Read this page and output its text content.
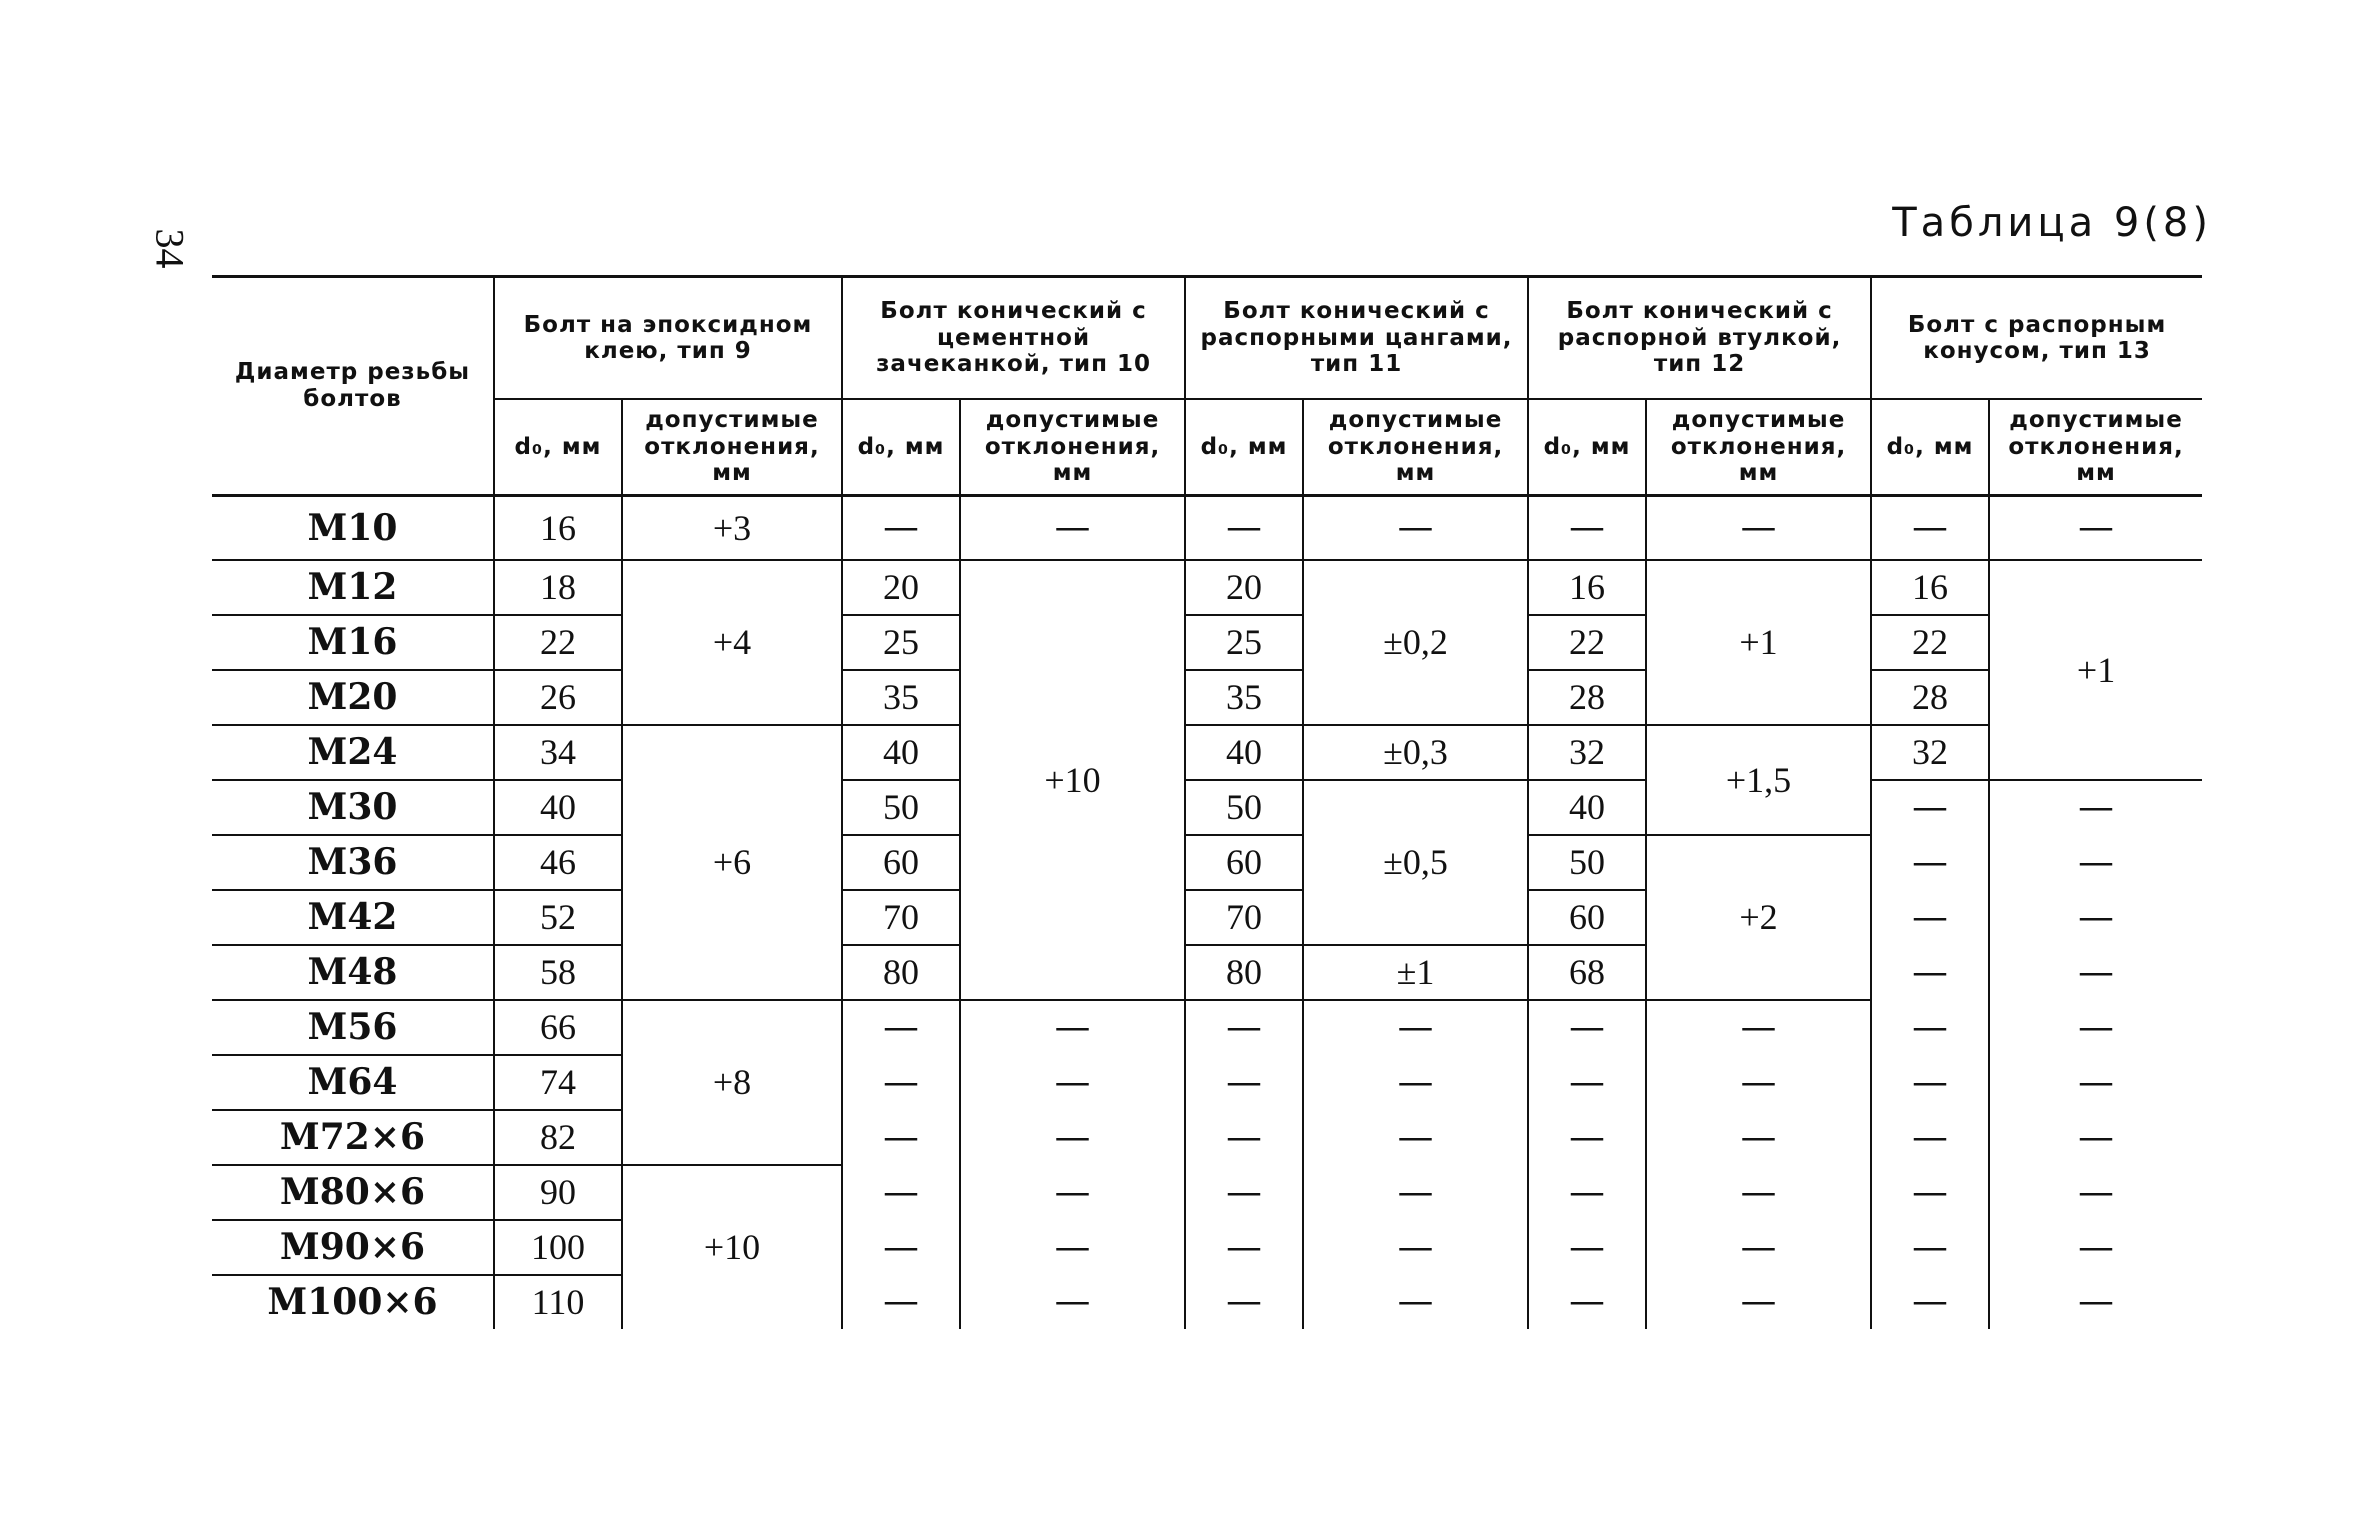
34
Таблица 9(8)
Диаметр резьбы болтов	Болт на эпоксидном клею, тип 9		Болт конический с цементной зачеканкой, тип 10		Болт конический с распорными цангами, тип 11		Болт конический с распорной втулкой, тип 12		Болт с распорным конусом, тип 13	
	d₀, мм	допустимые отклонения, мм	d₀, мм	допустимые отклонения, мм	d₀, мм	допустимые отклонения, мм	d₀, мм	допустимые отклонения, мм	d₀, мм	допустимые отклонения, мм
M10	16	+3	—	—	—	—	—	—	—	—
M12	18	+4	20	+10	20	±0,2	16	+1	16	+1
M16	22		25		25		22		22	
M20	26		35		35		28		28	
M24	34	+6	40		40	±0,3	32	+1,5	32	
M30	40		50		50	±0,5	40		—	—
M36	46		60		60		50	+2	—	—
M42	52		70		70		60		—	—
M48	58		80		80	±1	68		—	—
M56	66	+8	—	—	—	—	—	—	—	—
M64	74		—	—	—	—	—	—	—	—
M72×6	82		—	—	—	—	—	—	—	—
M80×6	90	+10	—	—	—	—	—	—	—	—
M90×6	100		—	—	—	—	—	—	—	—
M100×6	110		—	—	—	—	—	—	—	—
